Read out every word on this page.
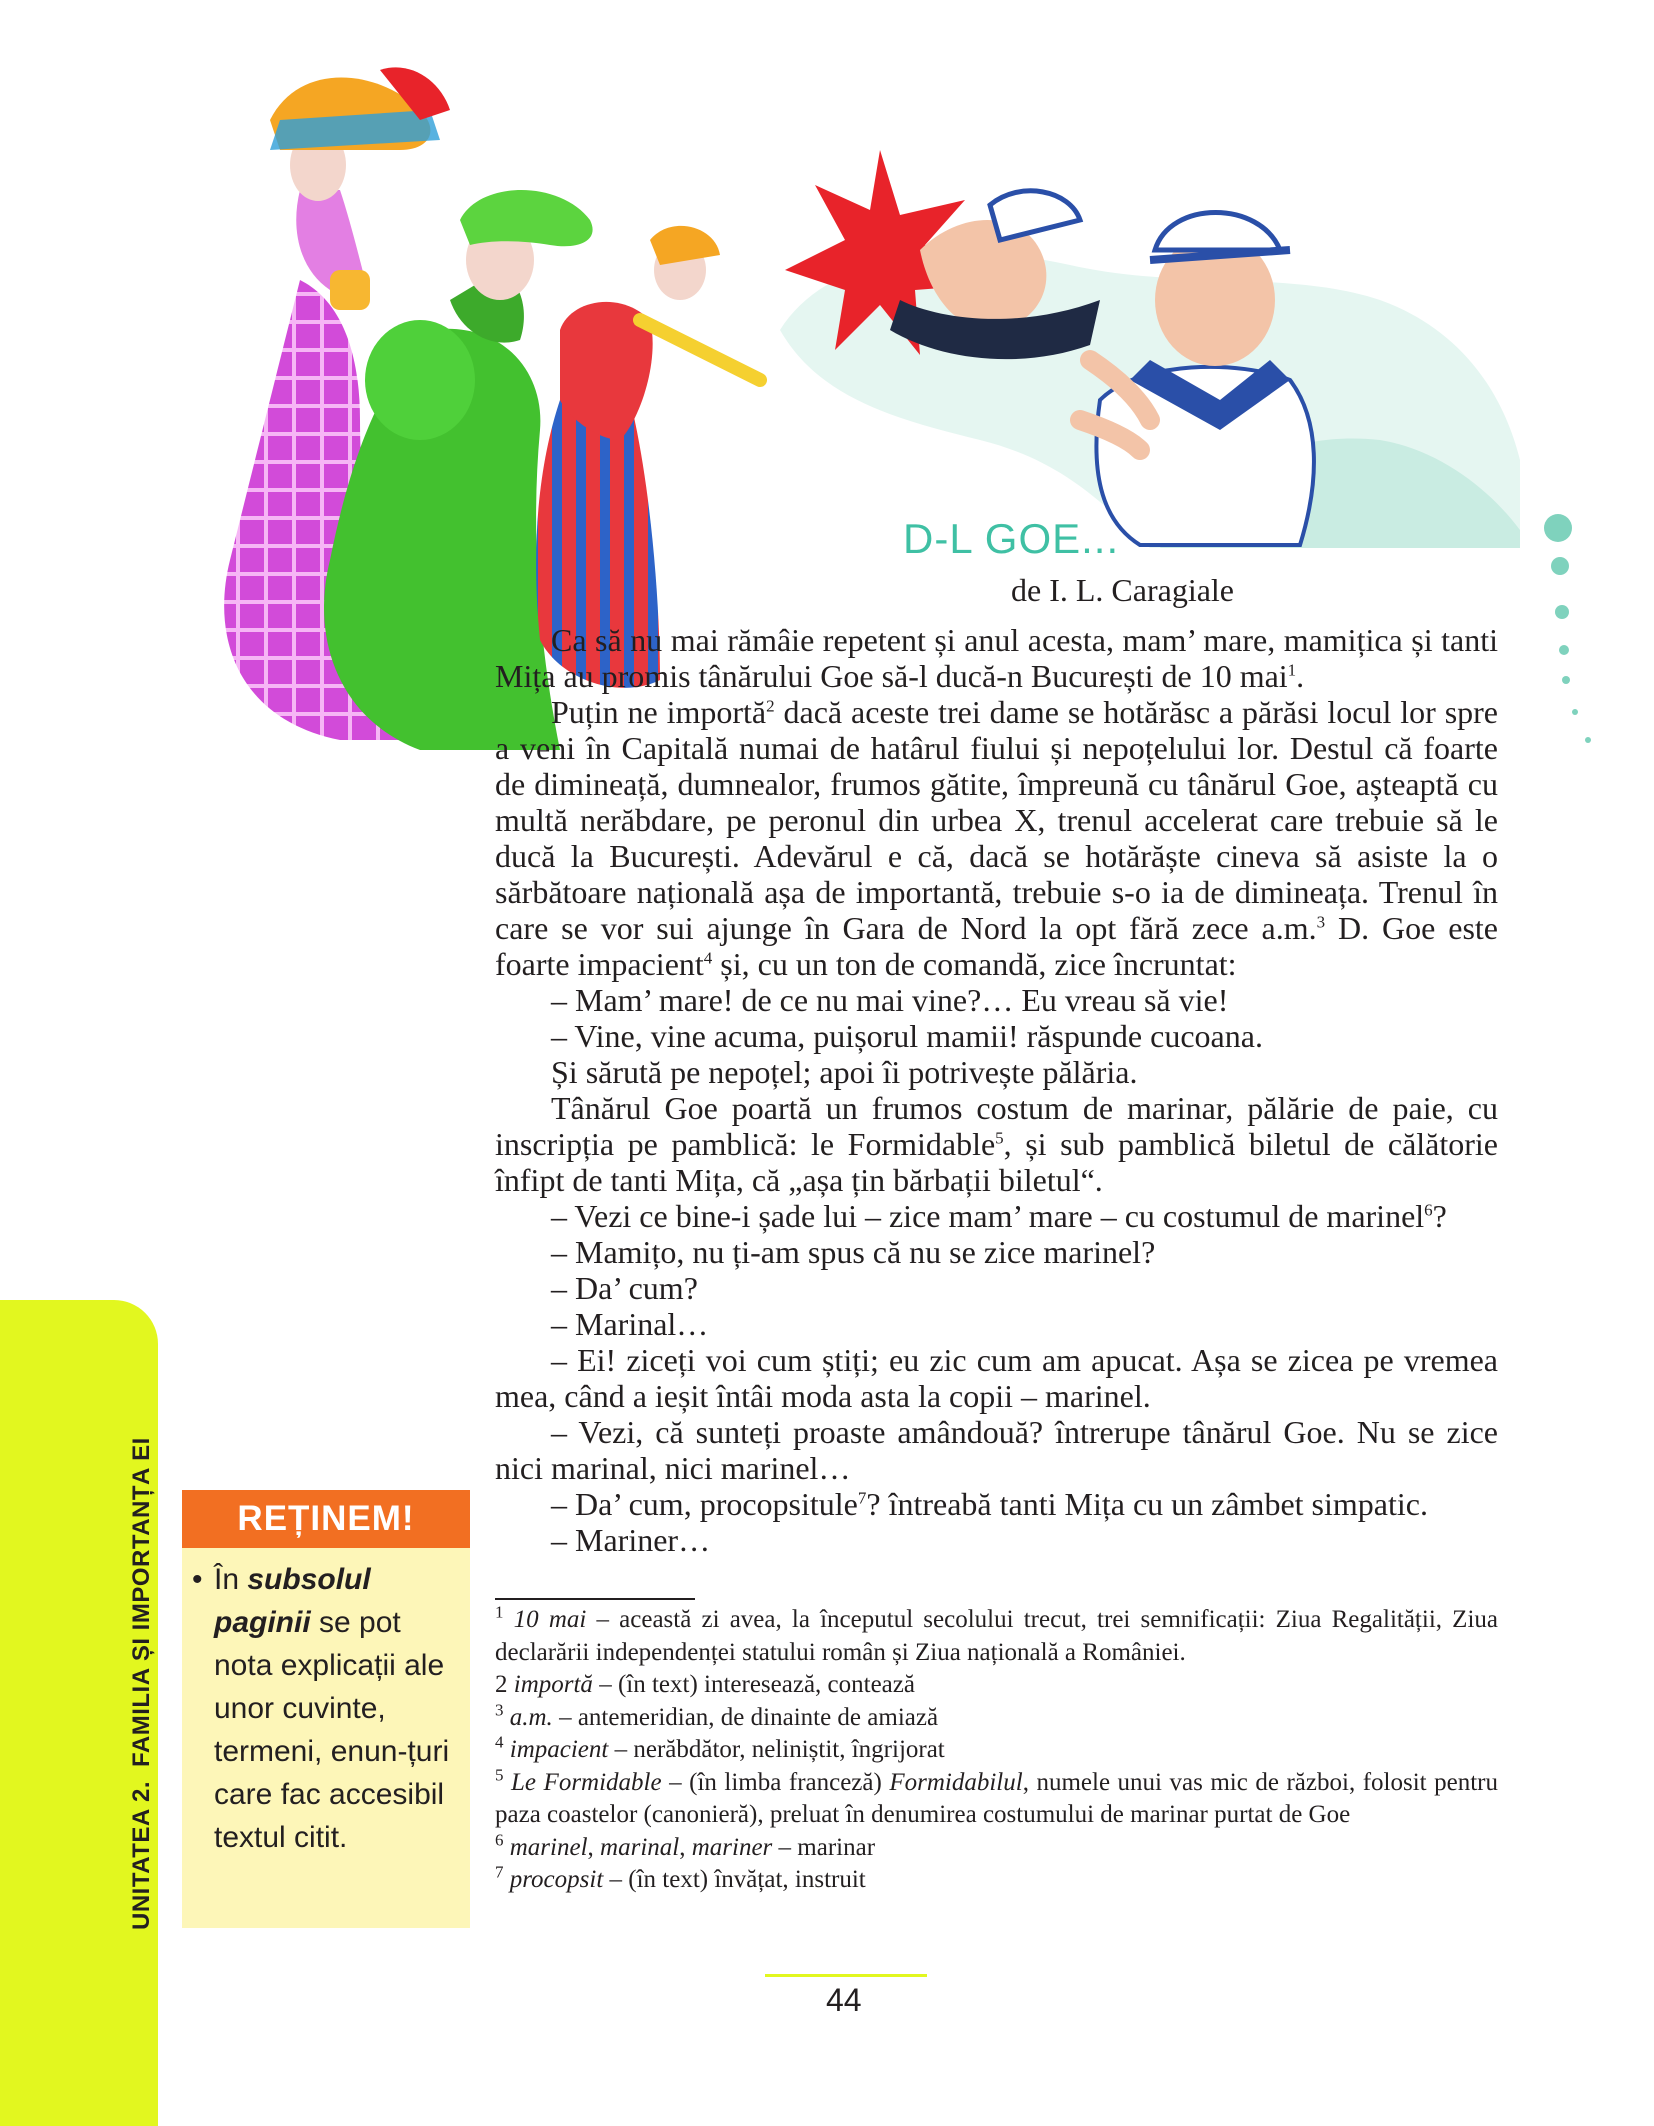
UNITATEA 2.FAMILIA ȘI IMPORTANȚA EI
D-L GOE...
de I. L. Caragiale

Ca să nu mai rămâie repetent și anul acesta, mam’ mare, mamițica și tanti Mița au promis tânărului Goe să-l ducă-n București de 10 mai$^1$.

Puțin ne importă$^2$ dacă aceste trei dame se hotărăsc a părăsi locul lor spre a veni în Capitală numai de hatârul fiului și nepoțelului lor. Destul că foarte de dimineață, dumnealor, frumos gătite, împreună cu tânărul Goe, așteaptă cu multă nerăbdare, pe peronul din urbea X, trenul accelerat care trebuie să le ducă la București. Adevărul e că, dacă se hotărăște cineva să asiste la o sărbătoare națională așa de importantă, trebuie s-o ia de dimineața. Trenul în care se vor sui ajunge în Gara de Nord la opt fără zece a.m.$^3$ D. Goe este foarte impacient$^4$ și, cu un ton de comandă, zice încruntat:

– Mam’ mare! de ce nu mai vine?… Eu vreau să vie!

– Vine, vine acuma, puișorul mamii! răspunde cucoana.

Și sărută pe nepoțel; apoi îi potrivește pălăria.

Tânărul Goe poartă un frumos costum de marinar, pălărie de paie, cu inscripția pe pamblică: le Formidable$^5$, și sub pamblică biletul de călătorie înfipt de tanti Mița, că „așa țin bărbații biletul“.

– Vezi ce bine-i șade lui – zice mam’ mare – cu costumul de marinel$^6$?

– Mamițo, nu ți-am spus că nu se zice marinel?

– Da’ cum?

– Marinal…

– Ei! ziceți voi cum știți; eu zic cum am apucat. Așa se zicea pe vremea mea, când a ieșit întâi moda asta la copii – marinel.

– Vezi, că sunteți proaste amândouă? întrerupe tânărul Goe. Nu se zice nici marinal, nici marinel…

– Da’ cum, procopsitule$^7$? întreabă tanti Mița cu un zâmbet simpatic.

– Mariner…

$^1$ 10 mai – această zi avea, la începutul secolului trecut, trei semnificații: Ziua Regalității, Ziua declarării independenței statului român și Ziua națională a României.

2 importă – (în text) interesează, contează

$^3$ a.m. – antemeridian, de dinainte de amiază

$^4$ impacient – nerăbdător, neliniștit, îngrijorat

$^5$ Le Formidable – (în limba franceză) Formidabilul, numele unui vas mic de război, folosit pentru paza coastelor (canonieră), preluat în denumirea costumului de marinar purtat de Goe

$^6$ marinel, marinal, mariner – marinar

$^7$ procopsit – (în text) învățat, instruit

REȚINEM!
• În subsolul paginii se pot nota explicații ale unor cuvinte, termeni, enun-țuri care fac accesibil textul citit.
44
